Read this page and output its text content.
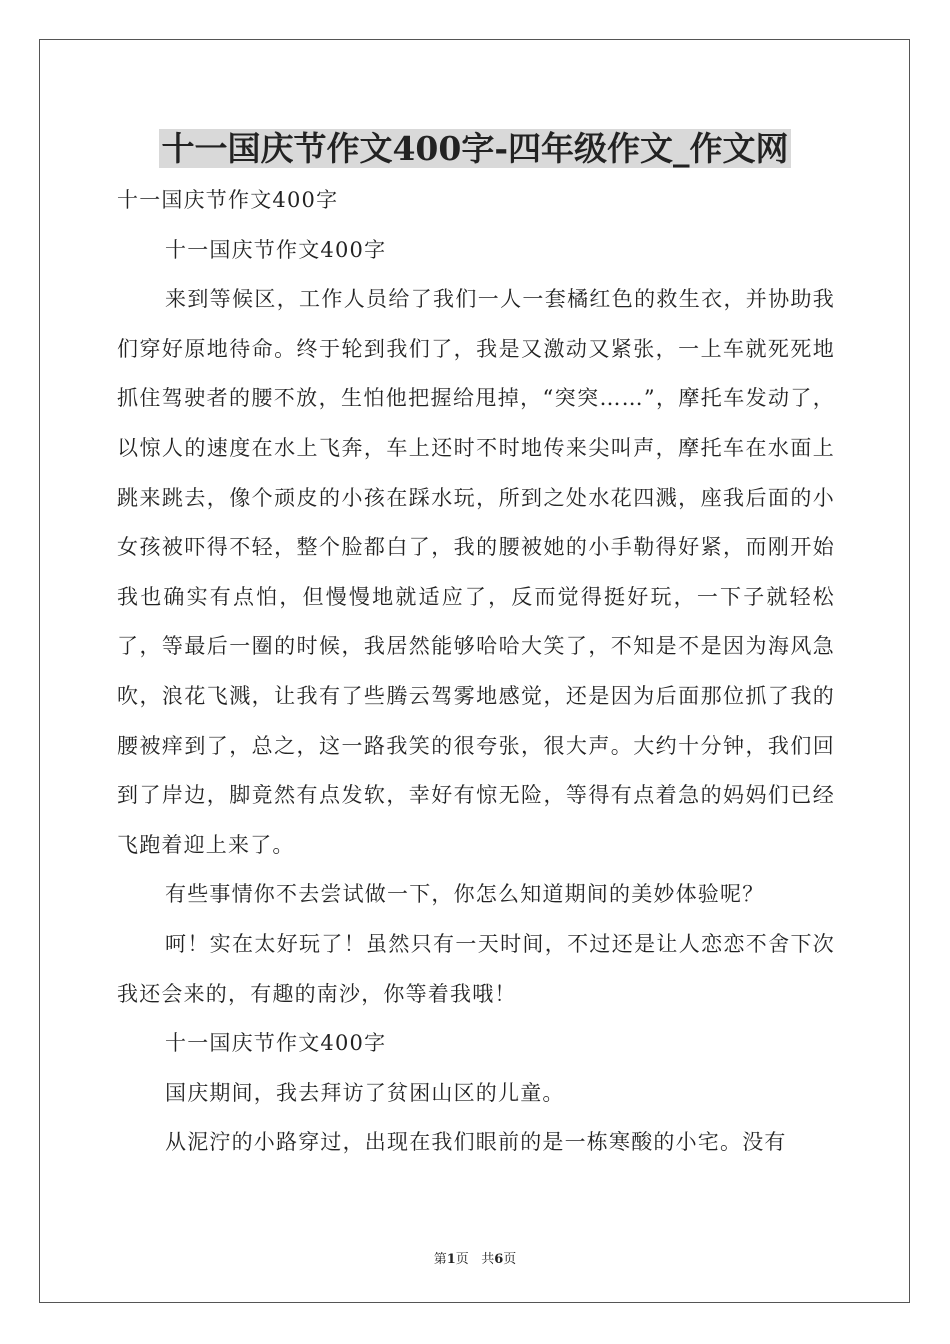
十一国庆节作文400字-四年级作文_作文网

十一国庆节作文400字

十一国庆节作文400字

来到等候区，工作人员给了我们一人一套橘红色的救生衣，并协助我们穿好原地待命。终于轮到我们了，我是又激动又紧张，一上车就死死地抓住驾驶者的腰不放，生怕他把握给甩掉，“突突……”，摩托车发动了，以惊人的速度在水上飞奔，车上还时不时地传来尖叫声，摩托车在水面上跳来跳去，像个顽皮的小孩在踩水玩，所到之处水花四溅，座我后面的小女孩被吓得不轻，整个脸都白了，我的腰被她的小手勒得好紧，而刚开始我也确实有点怕，但慢慢地就适应了，反而觉得挺好玩，一下子就轻松了，等最后一圈的时候，我居然能够哈哈大笑了，不知是不是因为海风急吹，浪花飞溅，让我有了些腾云驾雾地感觉，还是因为后面那位抓了我的腰被痒到了，总之，这一路我笑的很夸张，很大声。大约十分钟，我们回到了岸边，脚竟然有点发软，幸好有惊无险，等得有点着急的妈妈们已经飞跑着迎上来了。

有些事情你不去尝试做一下，你怎么知道期间的美妙体验呢？

呵！实在太好玩了！虽然只有一天时间，不过还是让人恋恋不舍下次我还会来的，有趣的南沙，你等着我哦！

十一国庆节作文400字

国庆期间，我去拜访了贫困山区的儿童。

从泥泞的小路穿过，出现在我们眼前的是一栋寒酸的小宅。没有

第1页 共6页
